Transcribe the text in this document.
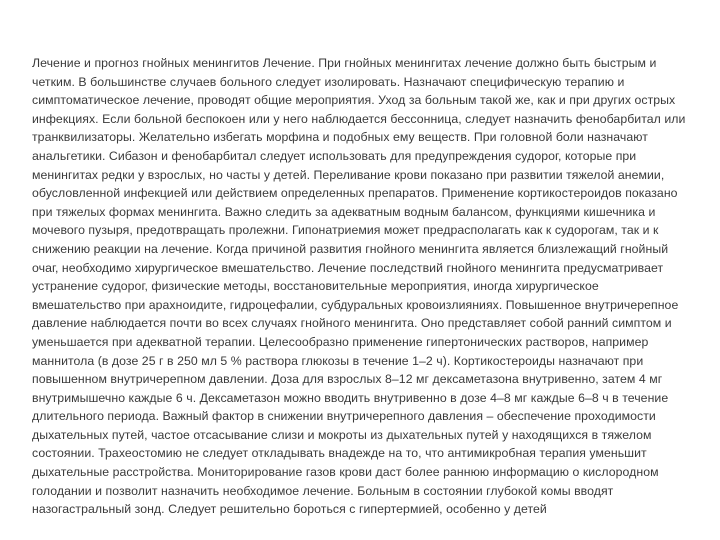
Лечение и прогноз гнойных менингитов Лечение. При гнойных менингитах лечение должно быть быстрым и
четким. В большинстве случаев больного следует изолировать. Назначают специфическую терапию и
симптоматическое лечение, проводят общие мероприятия. Уход за больным такой же, как и при других острых
инфекциях. Если больной беспокоен или у него наблюдается бессонница, следует назначить фенобарбитал или
транквилизаторы. Желательно избегать морфина и подобных ему веществ. При головной боли назначают
анальгетики. Сибазон и фенобарбитал следует использовать для предупреждения судорог, которые при
менингитах редки у взрослых, но часты у детей. Переливание крови показано при развитии тяжелой анемии,
обусловленной инфекцией или действием определенных препаратов. Применение кортикостероидов показано
при тяжелых формах менингита. Важно следить за адекватным водным балансом, функциями кишечника и
мочевого пузыря, предотвращать пролежни. Гипонатриемия может предрасполагать как к судорогам, так и к
снижению реакции на лечение. Когда причиной развития гнойного менингита является близлежащий гнойный
очаг, необходимо хирургическое вмешательство. Лечение последствий гнойного менингита предусматривает
устранение судорог, физические методы, восстановительные мероприятия, иногда хирургическое
вмешательство при арахноидите, гидроцефалии, субдуральных кровоизлияниях. Повышенное внутричерепное
давление наблюдается почти во всех случаях гнойного менингита. Оно представляет собой ранний симптом и
уменьшается при адекватной терапии. Целесообразно применение гипертонических растворов, например
маннитола (в дозе 25 г в 250 мл 5 % раствора глюкозы в течение 1–2 ч). Кортикостероиды назначают при
повышенном внутричерепном давлении. Доза для взрослых 8–12 мг дексаметазона внутривенно, затем 4 мг
внутримышечно каждые 6 ч. Дексаметазон можно вводить внутривенно в дозе 4–8 мг каждые 6–8 ч в течение
длительного периода. Важный фактор в снижении внутричерепного давления – обеспечение проходимости
дыхательных путей, частое отсасывание слизи и мокроты из дыхательных путей у находящихся в тяжелом
состоянии. Трахеостомию не следует откладывать внадежде на то, что антимикробная терапия уменьшит
дыхательные расстройства. Мониторирование газов крови даст более раннюю информацию о кислородном
голодании и позволит назначить необходимое лечение. Больным в состоянии глубокой комы вводят
назогастральный зонд. Следует решительно бороться с гипертермией, особенно у детей
